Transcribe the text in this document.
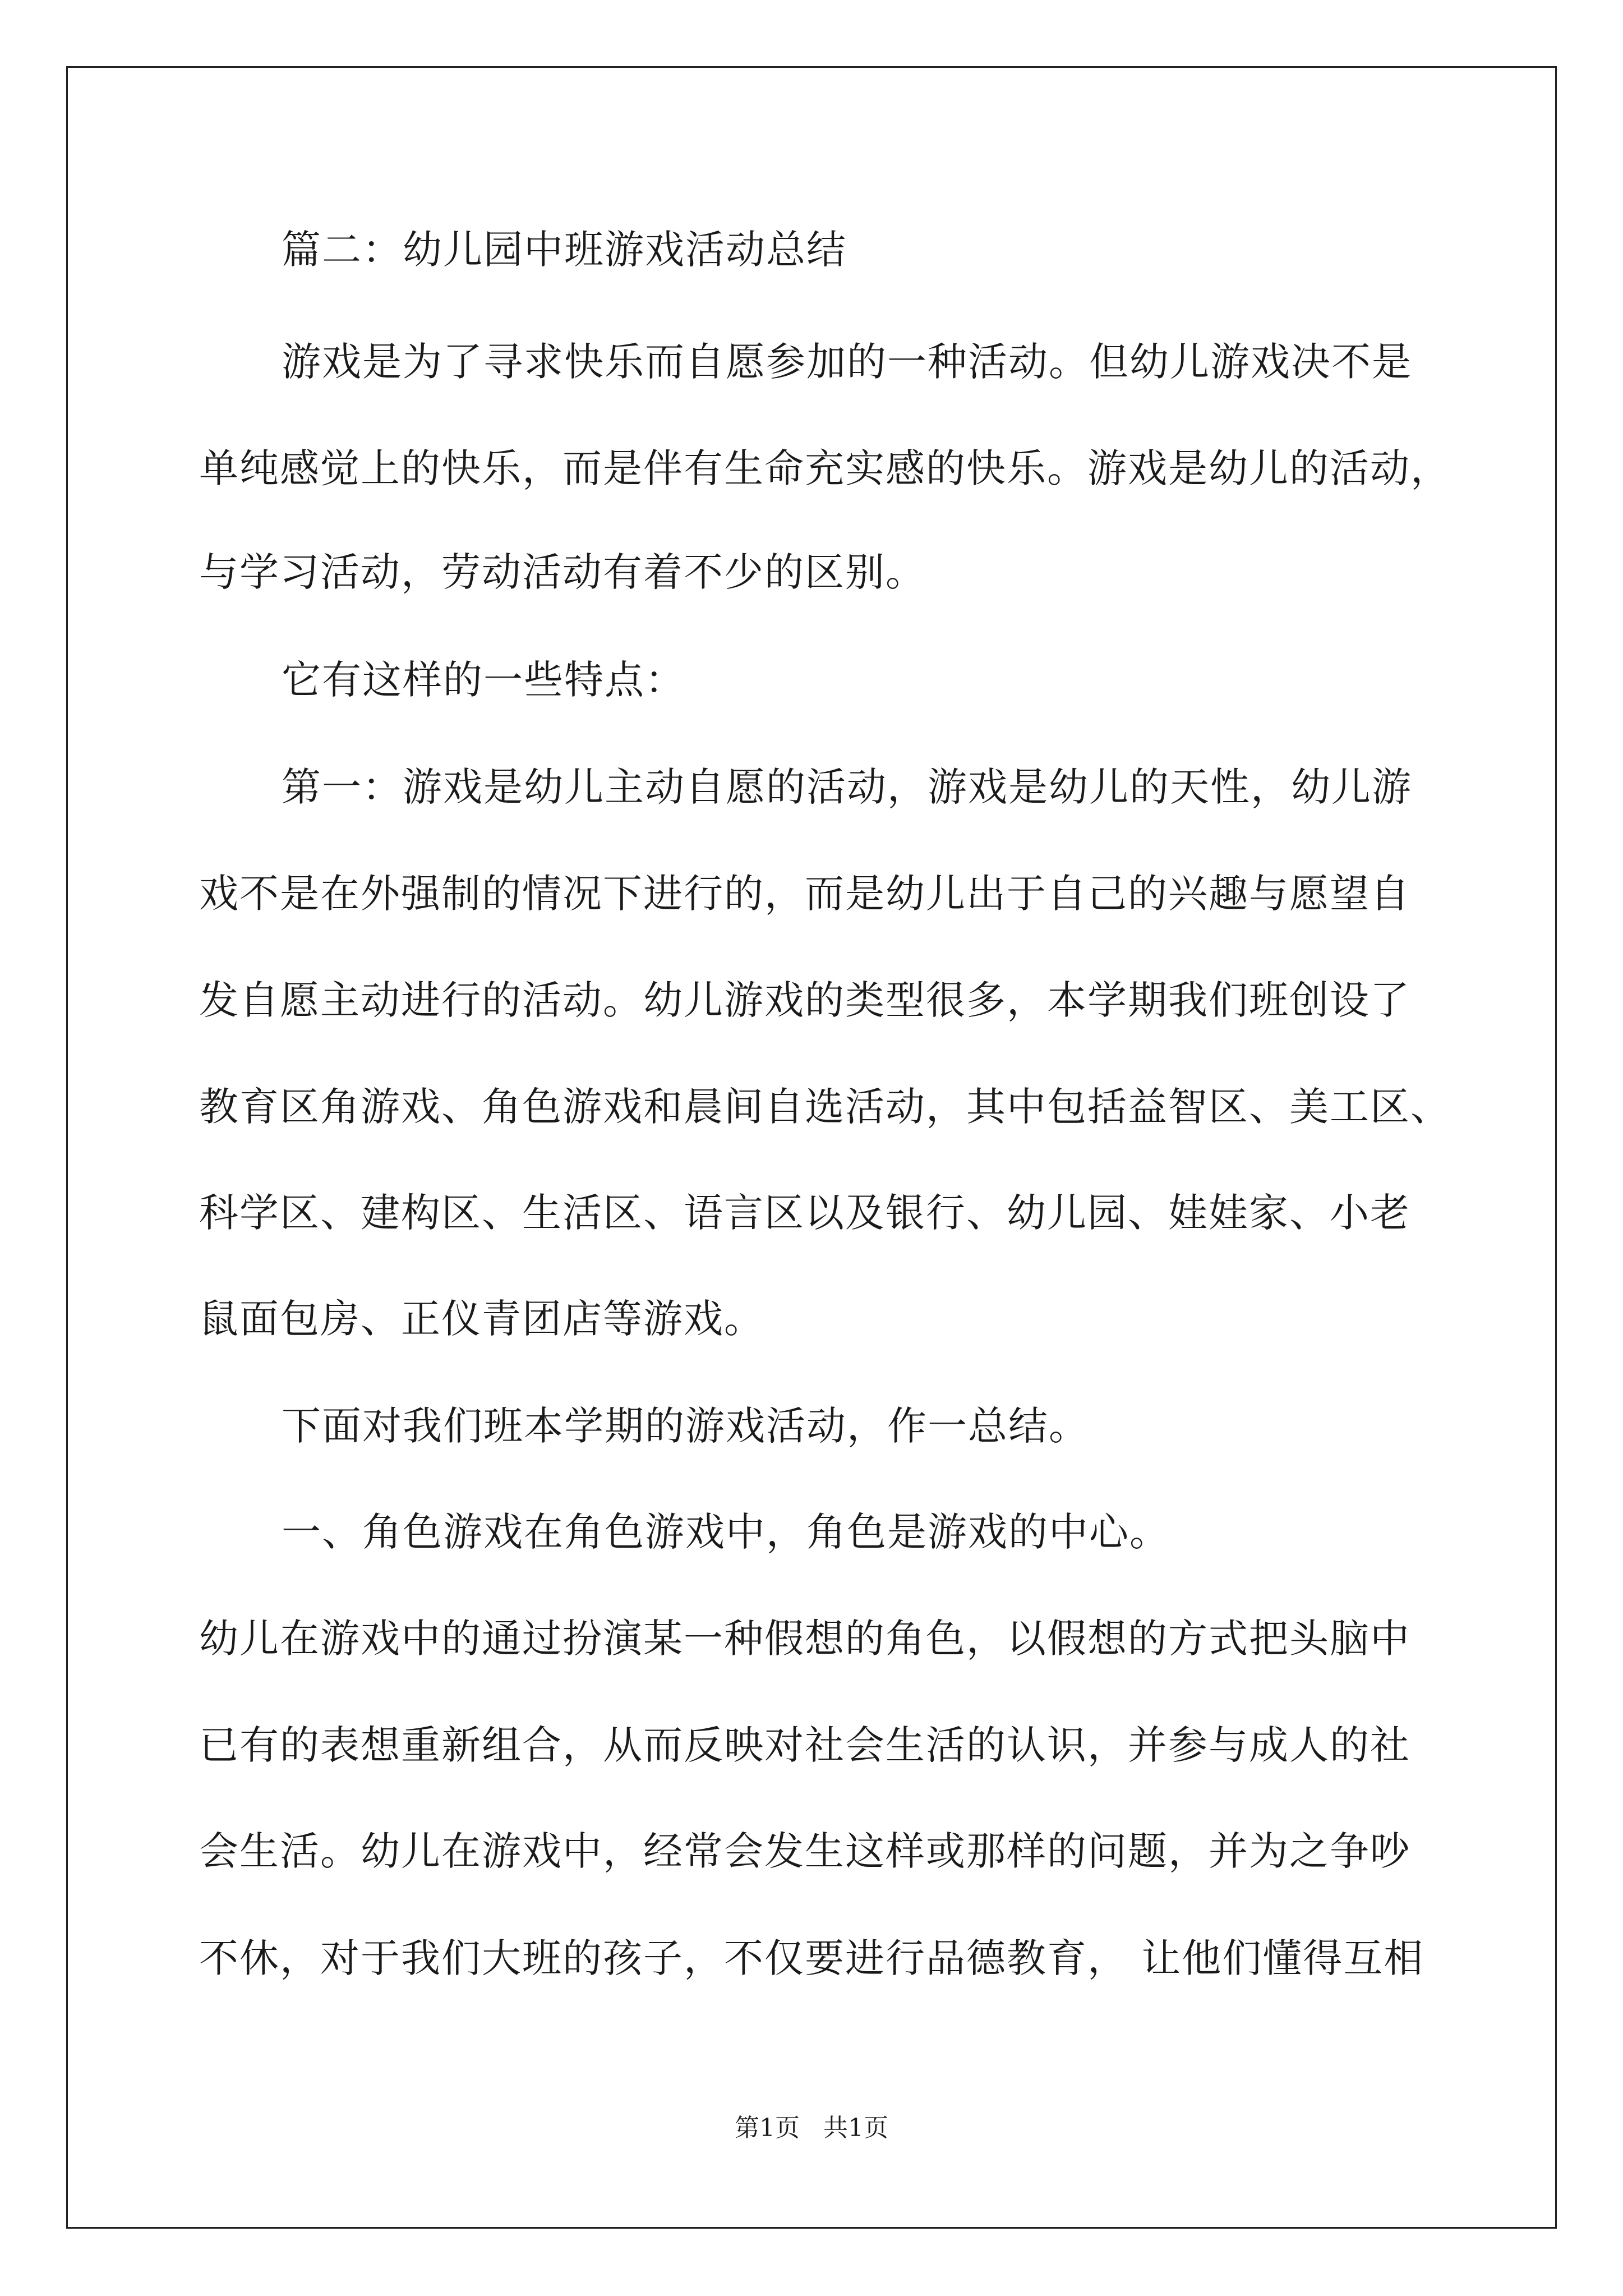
篇二：幼儿园中班游戏活动总结
游戏是为了寻求快乐而自愿参加的一种活动。但幼儿游戏决不是
单纯感觉上的快乐，而是伴有生命充实感的快乐。游戏是幼儿的活动，
与学习活动，劳动活动有着不少的区别。
它有这样的一些特点：
第一：游戏是幼儿主动自愿的活动，游戏是幼儿的天性，幼儿游
戏不是在外强制的情况下进行的，而是幼儿出于自己的兴趣与愿望自
发自愿主动进行的活动。幼儿游戏的类型很多，本学期我们班创设了
教育区角游戏、角色游戏和晨间自选活动，其中包括益智区、美工区、
科学区、建构区、生活区、语言区以及银行、幼儿园、娃娃家、小老
鼠面包房、正仪青团店等游戏。
下面对我们班本学期的游戏活动，作一总结。
一、角色游戏在角色游戏中，角色是游戏的中心。
幼儿在游戏中的通过扮演某一种假想的角色，以假想的方式把头脑中
已有的表想重新组合，从而反映对社会生活的认识，并参与成人的社
会生活。幼儿在游戏中，经常会发生这样或那样的问题，并为之争吵
不休，对于我们大班的孩子，不仅要进行品德教育， 让他们懂得互相
第1页   共1页
